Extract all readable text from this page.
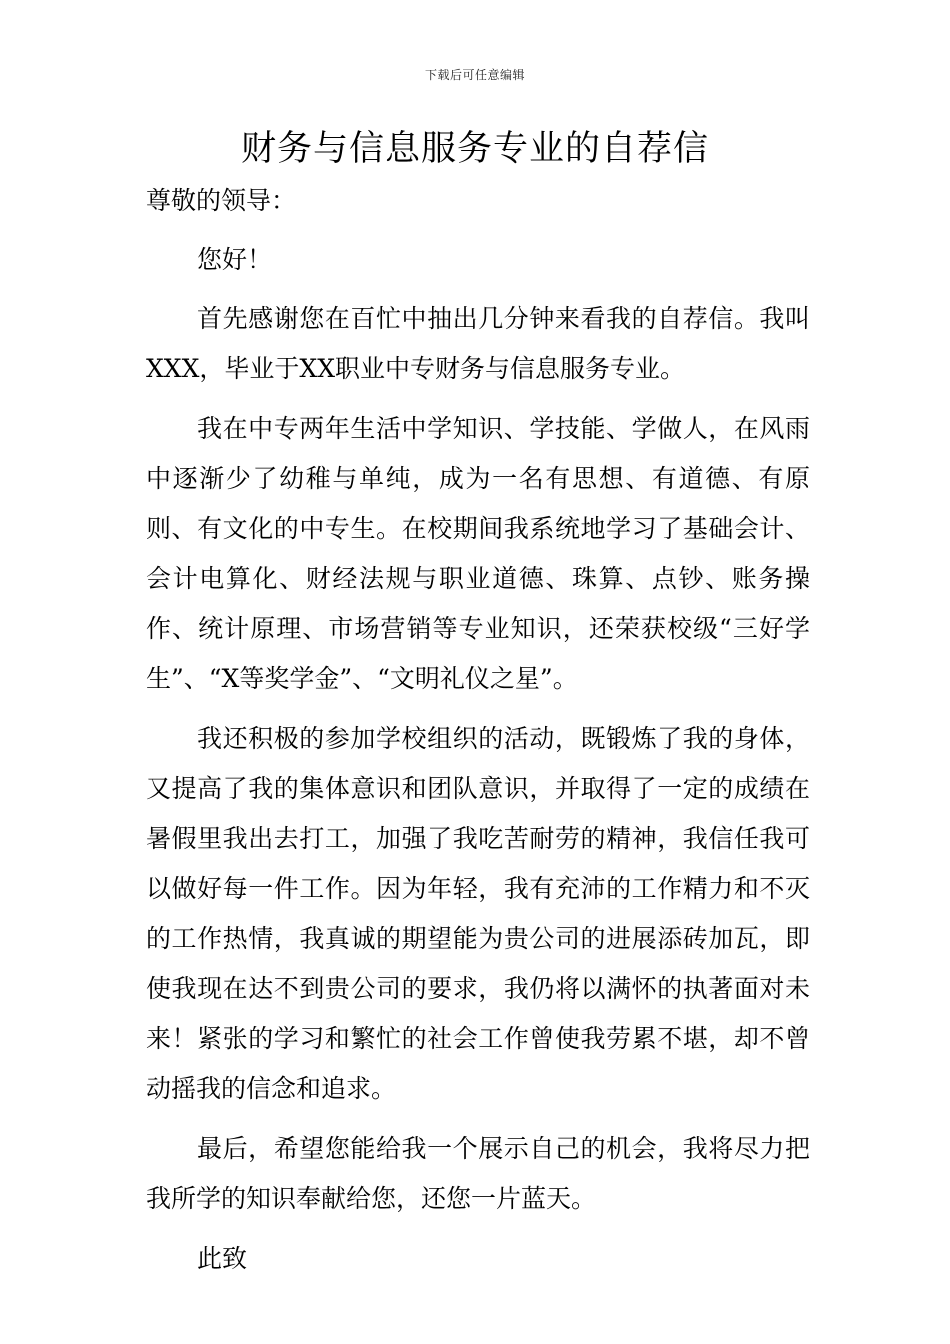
下载后可任意编辑
财务与信息服务专业的自荐信

尊敬的领导：

您好！

首先感谢您在百忙中抽出几分钟来看我的自荐信。我叫XXX，毕业于XX职业中专财务与信息服务专业。

我在中专两年生活中学知识、学技能、学做人，在风雨中逐渐少了幼稚与单纯，成为一名有思想、有道德、有原则、有文化的中专生。在校期间我系统地学习了基础会计、会计电算化、财经法规与职业道德、珠算、点钞、账务操作、统计原理、市场营销等专业知识，还荣获校级“三好学生”、“X等奖学金”、“文明礼仪之星”。

我还积极的参加学校组织的活动，既锻炼了我的身体，又提高了我的集体意识和团队意识，并取得了一定的成绩在暑假里我出去打工，加强了我吃苦耐劳的精神，我信任我可以做好每一件工作。因为年轻，我有充沛的工作精力和不灭的工作热情，我真诚的期望能为贵公司的进展添砖加瓦，即使我现在达不到贵公司的要求，我仍将以满怀的执著面对未来！紧张的学习和繁忙的社会工作曾使我劳累不堪，却不曾动摇我的信念和追求。

最后，希望您能给我一个展示自己的机会，我将尽力把我所学的知识奉献给您，还您一片蓝天。

此致
